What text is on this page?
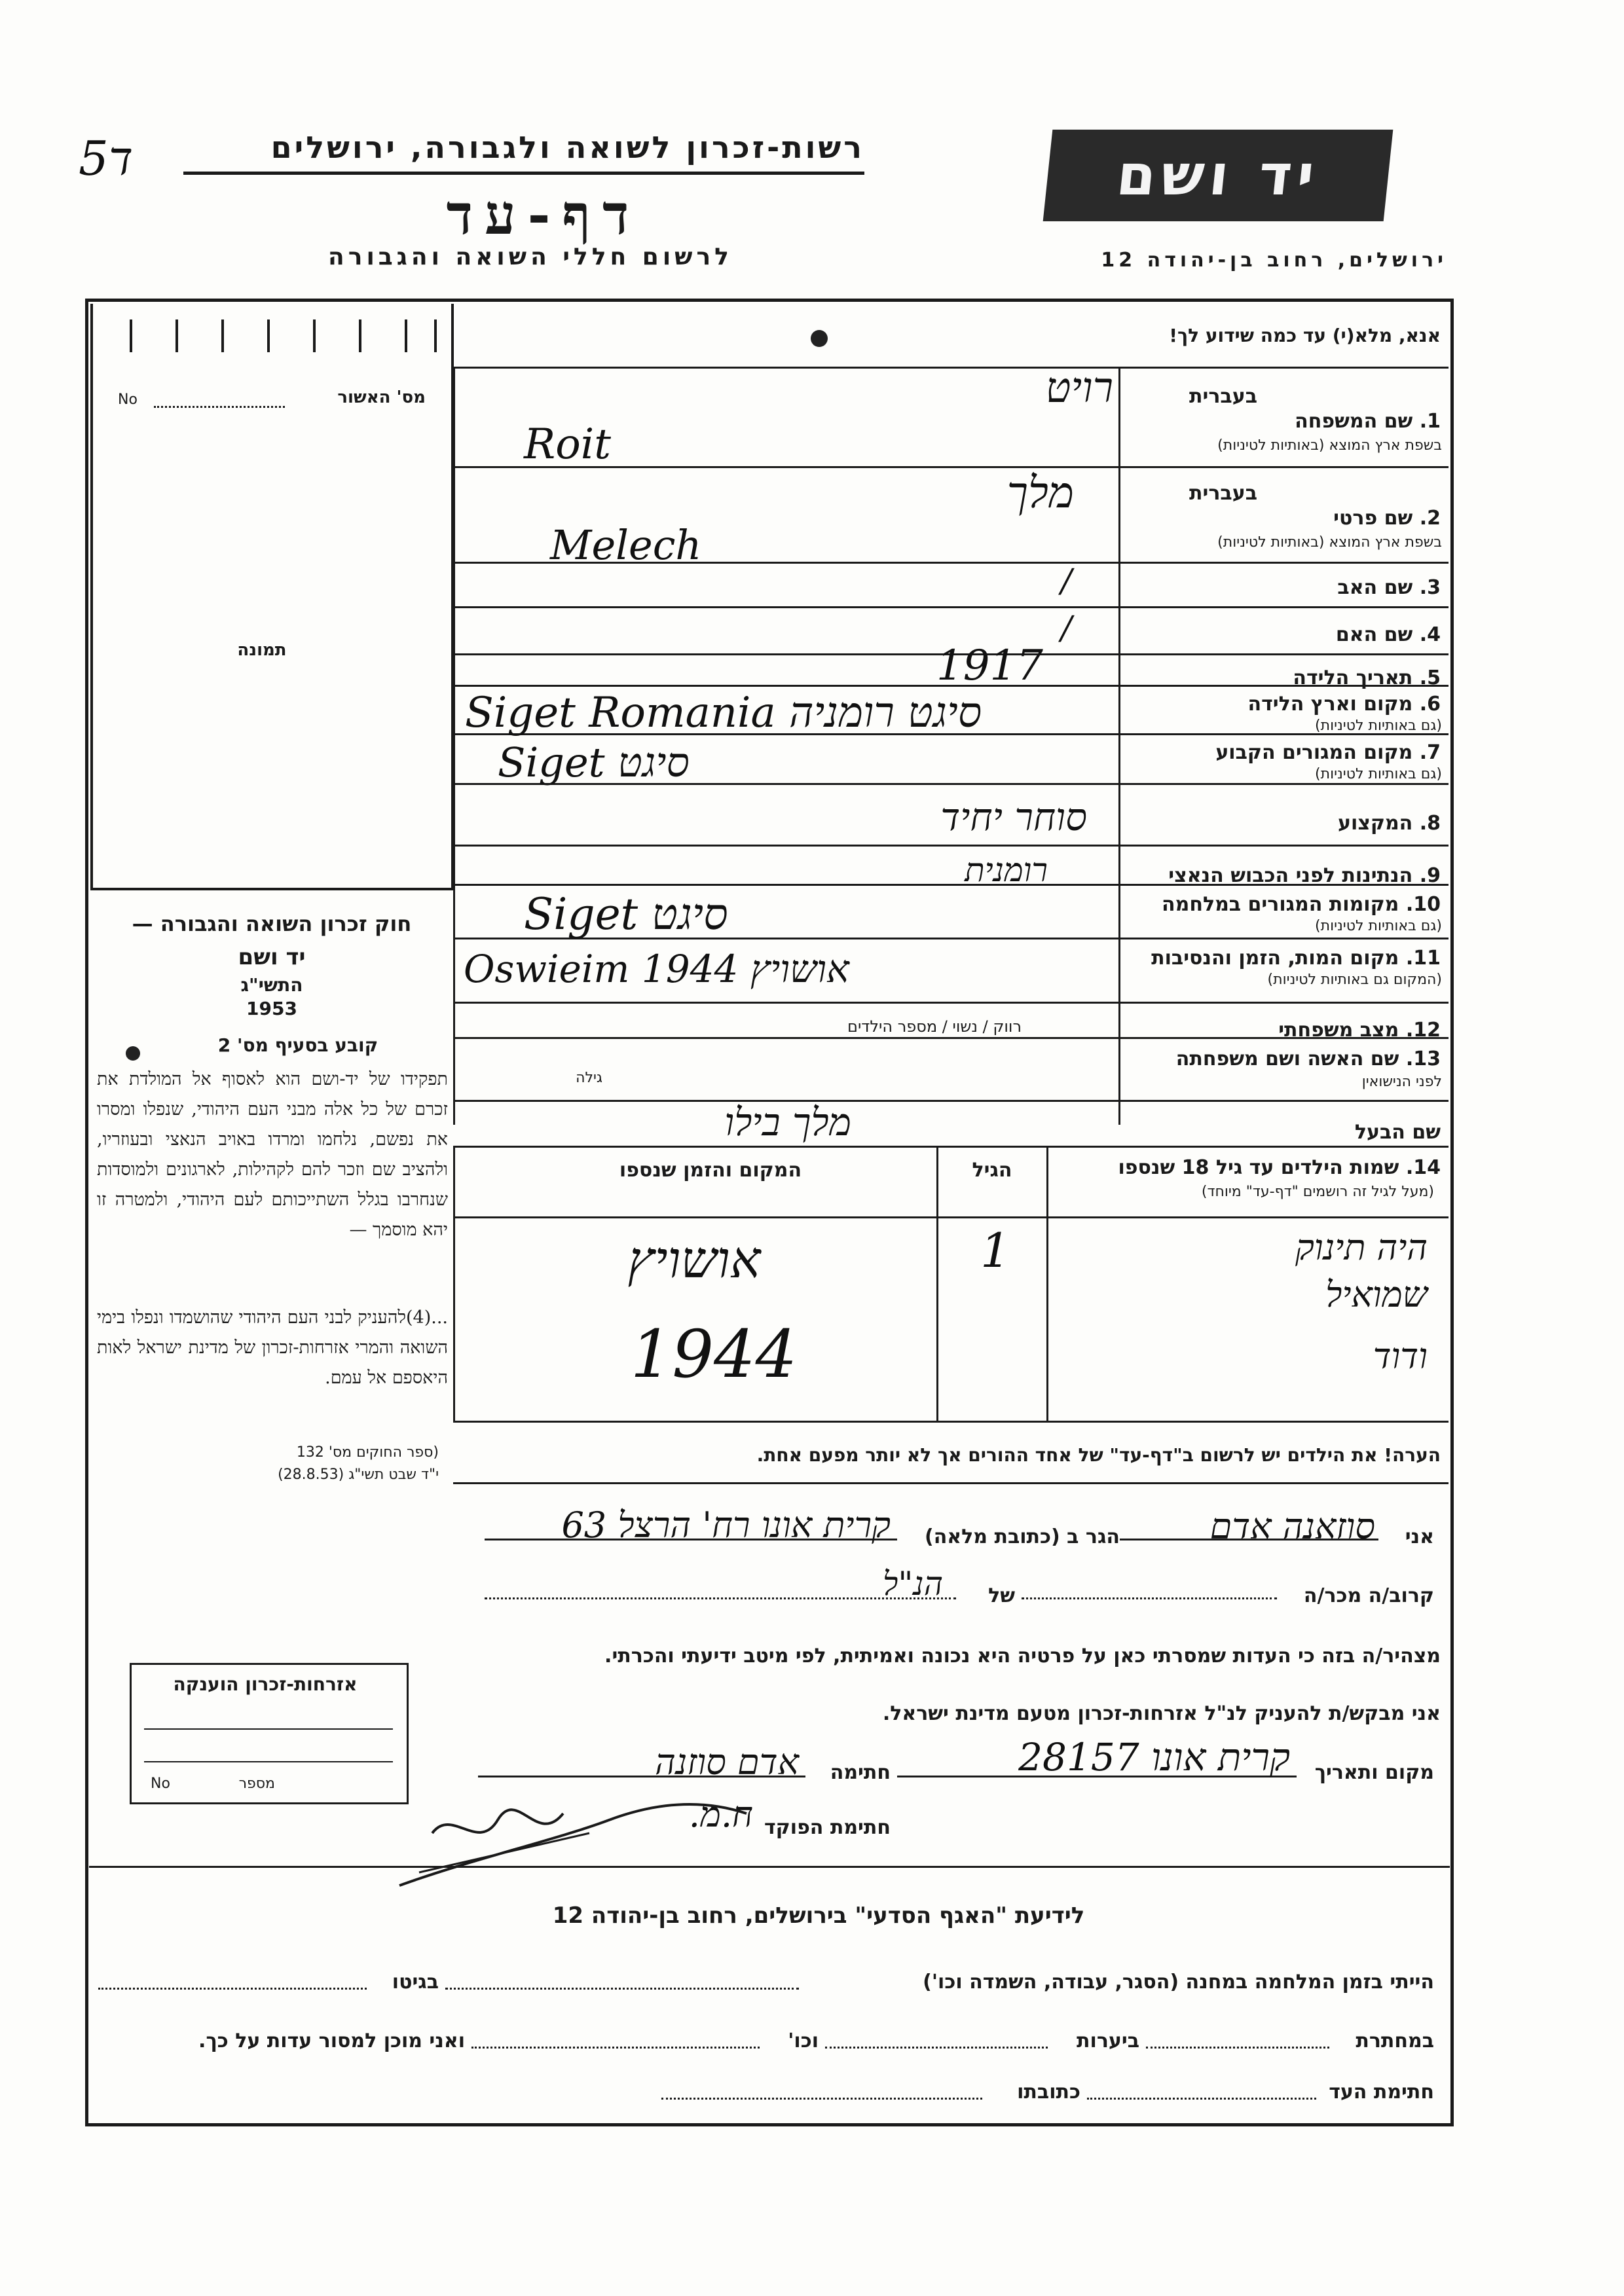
5ד	רשות-זכרון לשואה ולגבורה, ירושלים
דף-עד
לרשום חללי השואה והגבורה
יד ושם
ירושלים, רחוב בן-יהודה 12
מס' האשור
No
תמונה
אנא, מלא(י) עד כמה שידוע לך!
בעברית
1. שם המשפחה
בשפת ארץ המוצא (באותיות לטיניות)
רויט
Roit
בעברית
2. שם פרטי
בשפת ארץ המוצא (באותיות לטיניות)
מלך
Melech
3. שם האב
/
4. שם האם
/
5. תאריך הלידה
1917
6. מקום וארץ הלידה
(גם באותיות לטיניות)
Siget Romania סיגט רומניה
7. מקום המגורים הקבוע
(גם באותיות לטיניות)
Siget סיגט
8. המקצוע
סוחר יחיד
9. הנתינות לפני הכבוש הנאצי
רומנית
10. מקומות המגורים במלחמה
(גם באותיות לטיניות)
Siget סיגט
11. מקום המות, הזמן והנסיבות
(המקום גם באותיות לטיניות)
Oswieim 1944 אושויץ
12. מצב משפחתי
רווק / נשוי / מספר הילדים
13. שם האשה ושם משפחתה
לפני הנישואין
גילה
שם הבעל
מלך בילו
חוק זכרון השואה והגבורה —
יד ושם
התשי"ג
1953
קובע בסעיף מס' 2
תפקידו של יד-ושם הוא לאסוף אל המולדת את זכרם של כל אלה מבני העם היהודי, שנפלו ומסרו את נפשם, נלחמו ומרדו באויב הנאצי ובעוזריו, ולהציב שם וזכר להם לקהילות, לארגונים ולמוסדות שנחרבו בגלל השתייכותם לעם היהודי, ולמטרה זו יהא מוסמך —
...(4)להעניק לבני העם היהודי שהושמדו ונפלו בימי השואה והמרי אזרחות-זכרון של מדינת ישראל לאות היאספם אל עמם.
(ספר החוקים מס' 132
י"ד שבט תשי"ג (28.8.53)
14. שמות הילדים עד גיל 18 שנספו
(מעל לגיל זה רושמים "דף-עד" מיוחד)
הגיל
המקום והזמן שנספו
היה תינוק
שמואיל
ודוד
1
אושויץ
1944
הערה! את הילדים יש לרשום ב"דף-עד" של אחד ההורים אך לא יותר מפעם אחת.
אני
סוזאנה אדם
הגר ב (כתובת מלאה)
קרית אונו רח' הרצל 63
קרוב/ה מכר/ה
של
הנ"ל
מצהיר/ה בזה כי העדות שמסרתי כאן על פרטיה היא נכונה ואמיתית, לפי מיטב ידיעתי והכרתי.
אני מבקש/ת להעניק לנ"ל אזרחות-זכרון מטעם מדינת ישראל.
מקום ותאריך
קרית אונו 28157
חתימה
אדם סוזנה
חתימת הפוקד
ח.מ.
אזרחות-זכרון הוענקה
מספר
No
לידיעת "האגף הסדעי" בירושלים, רחוב בן-יהודה 12
הייתי בזמן המלחמה במחנה (הסגר, עבודה, השמדה וכו')
בגיטו
במחתרת
ביערות
וכו'
ואני מוכן למסור עדות על כך.
חתימת העד
כתובתו
